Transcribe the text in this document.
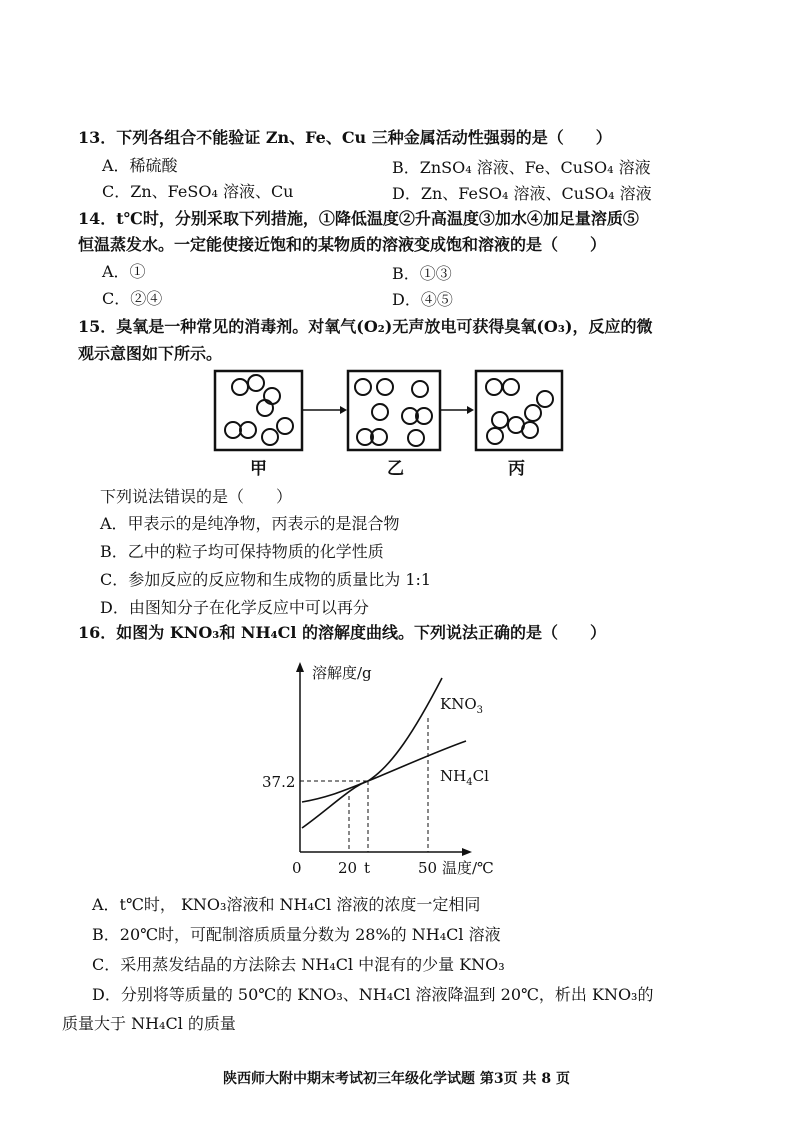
13．下列各组合不能验证 Zn、Fe、Cu 三种金属活动性强弱的是（　　）
A．稀硫酸	B．ZnSO₄ 溶液、Fe、CuSO₄ 溶液
C．Zn、FeSO₄ 溶液、Cu	D．Zn、FeSO₄ 溶液、CuSO₄ 溶液
14．t℃时，分别采取下列措施，①降低温度②升高温度③加水④加足量溶质⑤
恒温蒸发水。一定能使接近饱和的某物质的溶液变成饱和溶液的是（　　）
A．①	B．①③
C．②④	D．④⑤
15．臭氧是一种常见的消毒剂。对氧气(O₂)无声放电可获得臭氧(O₃)，反应的微
观示意图如下所示。
甲	乙	丙
下列说法错误的是（　　）
A．甲表示的是纯净物，丙表示的是混合物
B．乙中的粒子均可保持物质的化学性质
C．参加反应的反应物和生成物的质量比为 1:1
D．由图知分子在化学反应中可以再分
16．如图为 KNO₃和 NH₄Cl 的溶解度曲线。下列说法正确的是（　　）
溶解度/g
$KNO_3$
$NH_4Cl$
37.2
0 20 t	50 温度/℃
A．t℃时， KNO₃溶液和 NH₄Cl 溶液的浓度一定相同
B．20℃时，可配制溶质质量分数为 28%的 NH₄Cl 溶液
C．采用蒸发结晶的方法除去 NH₄Cl 中混有的少量 KNO₃
D．分别将等质量的 50℃的 KNO₃、NH₄Cl 溶液降温到 20℃，析出 KNO₃的
质量大于 NH₄Cl 的质量
陕西师大附中期末考试初三年级化学试题 第3页 共 8 页
